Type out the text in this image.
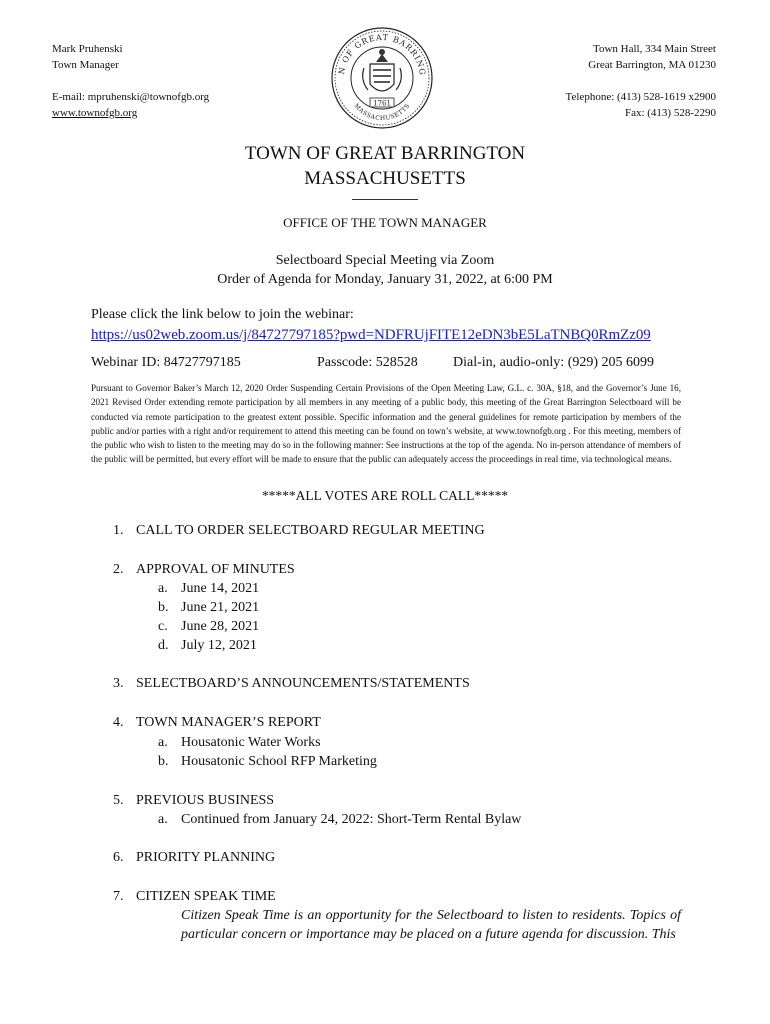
Mark Pruhenski
Town Manager
E-mail: mpruhenski@townofgb.org
www.townofgb.org
Town Hall, 334 Main Street
Great Barrington, MA 01230
Telephone: (413) 528-1619 x2900
Fax: (413) 528-2290
N OF GREAT BARRING
MASSACHUSETTS
1761
TOWN OF GREAT BARRINGTON
MASSACHUSETTS
OFFICE OF THE TOWN MANAGER
Selectboard Special Meeting via Zoom
Order of Agenda for Monday, January 31, 2022, at 6:00 PM
Please click the link below to join the webinar:
https://us02web.zoom.us/j/84727797185?pwd=NDFRUjFITE12eDN3bE5LaTNBQ0RmZz09
Webinar ID: 84727797185	Passcode: 528528	Dial-in, audio-only: (929) 205 6099
Pursuant to Governor Baker’s March 12, 2020 Order Suspending Certain Provisions of the Open Meeting Law, G.L. c. 30A, §18, and the Governor’s June 16, 2021 Revised Order extending remote participation by all members in any meeting of a public body, this meeting of the Great Barrington Selectboard will be conducted via remote participation to the greatest extent possible. Specific information and the general guidelines for remote participation by members of the public and/or parties with a right and/or requirement to attend this meeting can be found on town’s website, at www.townofgb.org . For this meeting, members of the public who wish to listen to the meeting may do so in the following manner: See instructions at the top of the agenda. No in-person attendance of members of the public will be permitted, but every effort will be made to ensure that the public can adequately access the proceedings in real time, via technological means.
*****ALL VOTES ARE ROLL CALL*****
1. CALL TO ORDER SELECTBOARD REGULAR MEETING
2. APPROVAL OF MINUTES
a. June 14, 2021
b. June 21, 2021
c. June 28, 2021
d. July 12, 2021
3. SELECTBOARD’S ANNOUNCEMENTS/STATEMENTS
4. TOWN MANAGER’S REPORT
a. Housatonic Water Works
b. Housatonic School RFP Marketing
5. PREVIOUS BUSINESS
a. Continued from January 24, 2022: Short-Term Rental Bylaw
6. PRIORITY PLANNING
7. CITIZEN SPEAK TIME
Citizen Speak Time is an opportunity for the Selectboard to listen to residents. Topics of particular concern or importance may be placed on a future agenda for discussion. This
